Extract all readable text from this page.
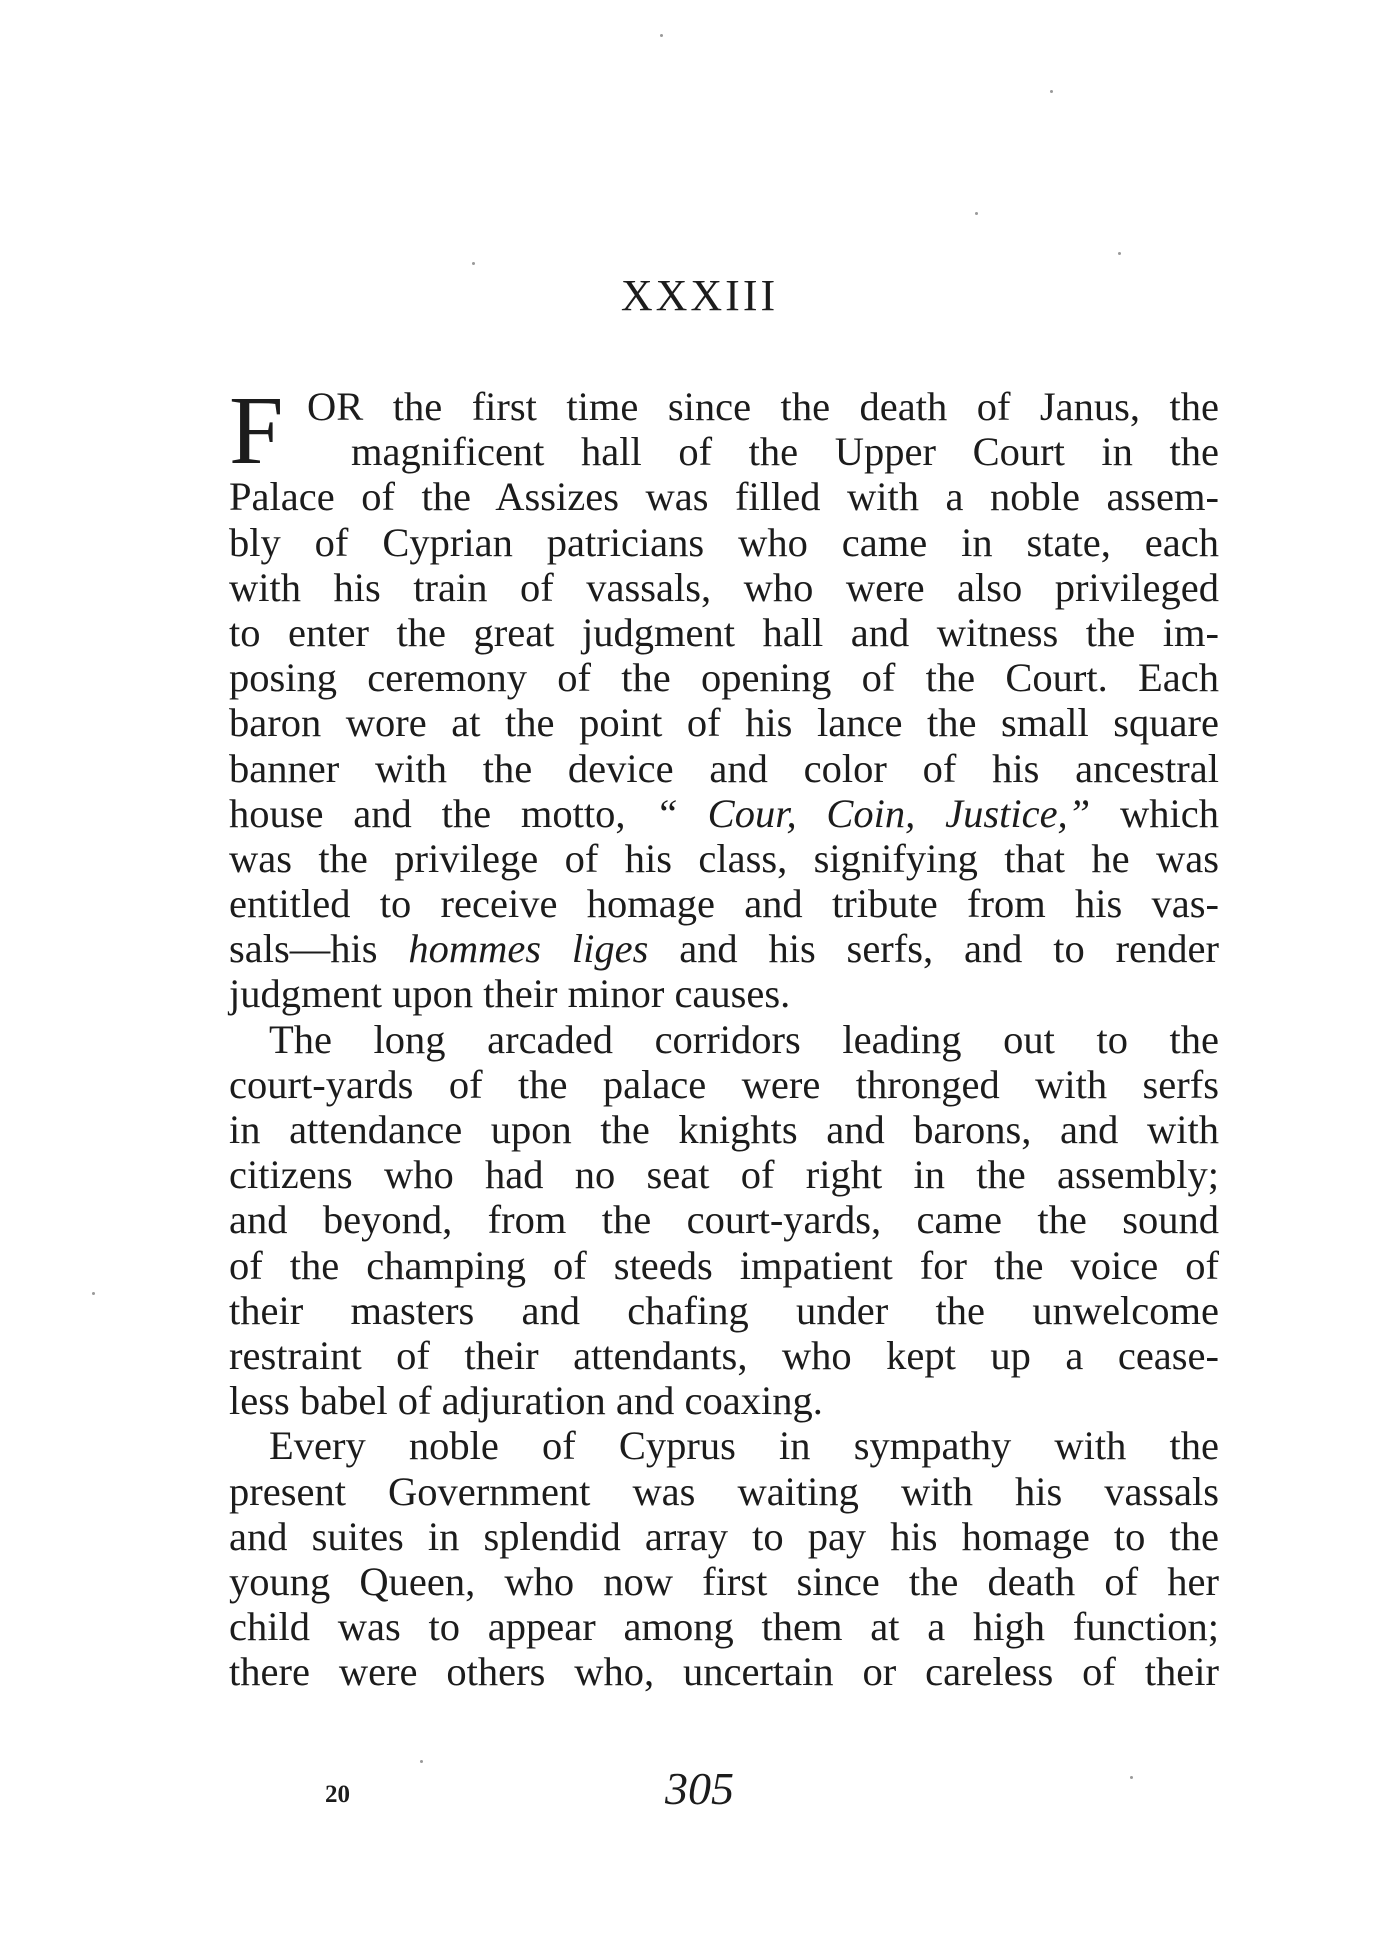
XXXIII
F OR the first time since the death of Janus, the
magnificent hall of the Upper Court in the
Palace of the Assizes was filled with a noble assem-
bly of Cyprian patricians who came in state, each
with his train of vassals, who were also privileged
to enter the great judgment hall and witness the im-
posing ceremony of the opening of the Court. Each
baron wore at the point of his lance the small square
banner with the device and color of his ancestral
house and the motto, “ Cour, Coin, Justice,” which
was the privilege of his class, signifying that he was
entitled to receive homage and tribute from his vas-
sals—his hommes liges and his serfs, and to render
judgment upon their minor causes.
The long arcaded corridors leading out to the
court-yards of the palace were thronged with serfs
in attendance upon the knights and barons, and with
citizens who had no seat of right in the assembly;
and beyond, from the court-yards, came the sound
of the champing of steeds impatient for the voice of
their masters and chafing under the unwelcome
restraint of their attendants, who kept up a cease-
less babel of adjuration and coaxing.
Every noble of Cyprus in sympathy with the
present Government was waiting with his vassals
and suites in splendid array to pay his homage to the
young Queen, who now first since the death of her
child was to appear among them at a high function;
there were others who, uncertain or careless of their
20	305
